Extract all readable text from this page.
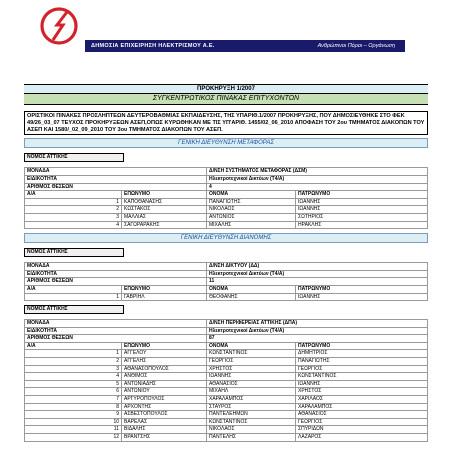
ΔΗΜΟΣΙΑ ΕΠΙΧΕΙΡΗΣΗ ΗΛΕΚΤΡΙΣΜΟΥ Α.Ε.	Ανθρώπινοι Πόροι – Οργάνωση
ΠΡΟΚΗΡΥΞΗ 1/2007
ΣΥΓΚΕΝΤΡΩΤΙΚΟΣ ΠΙΝΑΚΑΣ ΕΠΙΤΥΧΟΝΤΩΝ
ΟΡΙΣΤΙΚΟΙ ΠΙΝΑΚΕΣ ΠΡΟΣΛΗΠΤΕΩΝ ΔΕΥΤΕΡΟΒΑΘΜΙΑΣ ΕΚΠΑΙΔΕΥΣΗΣ, ΤΗΣ ΥΠΑΡΙΘ.1/2007 ΠΡΟΚΗΡΥΞΗΣ, ΠΟΥ ΔΗΜΟΣΙΕΥΘΗΚΕ ΣΤΟ ΦΕΚ 49/26_03_07 ΤΕΥΧΟΣ ΠΡΟΚΗΡΥΞΕΩΝ ΑΣΕΠ,ΟΠΩΣ ΚΥΡΩΘΗΚΑΝ ΜΕ ΤΙΣ ΥΠ'ΑΡΙΘ. 1455/02_06_2010 ΑΠΟΦΑΣΗ ΤΟΥ 2ου ΤΜΗΜΑΤΟΣ ΔΙΑΚΟΠΩΝ ΤΟΥ ΑΣΕΠ ΚΑΙ 1580/_02_09_2010 ΤΟΥ 3ου ΤΜΗΜΑΤΟΣ ΔΙΑΚΟΠΩΝ ΤΟΥ ΑΣΕΠ.
ΓΕΝΙΚΗ ΔΙΕΥΘΥΝΣΗ ΜΕΤΑΦΟΡΑΣ
ΝΟΜΟΣ ΑΤΤΙΚΗΣ
ΜΟΝΑΔΑ		Δ/ΝΣΗ ΣΥΣΤΗΜΑΤΟΣ ΜΕΤΑΦΟΡΑΣ (ΔΣΜ)	
ΕΙΔΙΚΟΤΗΤΑ		Ηλεκτροτεχνικοί Δικτύων (Τ4/Α)	
ΑΡΙΘΜΟΣ ΘΕΣΕΩΝ		4	
Α/Α	ΕΠΩΝΥΜΟ	ΟΝΟΜΑ	ΠΑΤΡΩΝΥΜΟ
1	ΚΑΠΟΘΑΝΑΣΗΣ	ΠΑΝΑΓΙΩΤΗΣ	ΙΩΑΝΝΗΣ
2	ΚΩΣΤΑΚΟΣ	ΝΙΚΟΛΑΟΣ	ΙΩΑΝΝΗΣ
3	ΜΑΛΛΙΑΣ	ΑΝΤΩΝΙΟΣ	ΣΩΤΗΡΙΟΣ
4	ΣΑΓΩΡΑΡΑΚΗΣ	ΜΙΧΑΛΗΣ	ΗΡΑΚΛΗΣ
ΓΕΝΙΚΗ ΔΙΕΥΘΥΝΣΗ ΔΙΑΝΟΜΗΣ
ΝΟΜΟΣ ΑΤΤΙΚΗΣ
ΜΟΝΑΔΑ		Δ/ΝΣΗ ΔΙΚΤΥΟΥ (ΔΔ)	
ΕΙΔΙΚΟΤΗΤΑ		Ηλεκτροτεχνικοί Δικτύων (Τ4/Α)	
ΑΡΙΘΜΟΣ ΘΕΣΕΩΝ		11	
Α/Α	ΕΠΩΝΥΜΟ	ΟΝΟΜΑ	ΠΑΤΡΩΝΥΜΟ
1	ΓΑΒΡΙΗΛ	ΘΕΟΦΑΝΗΣ	ΙΩΑΝΝΗΣ
ΝΟΜΟΣ ΑΤΤΙΚΗΣ
ΜΟΝΑΔΑ		Δ/ΝΣΗ ΠΕΡΙΦΕΡΕΙΑΣ ΑΤΤΙΚΗΣ (ΔΠΑ)	
ΕΙΔΙΚΟΤΗΤΑ		Ηλεκτροτεχνικοί Δικτύων (Τ4/Α)	
ΑΡΙΘΜΟΣ ΘΕΣΕΩΝ		87	
Α/Α	ΕΠΩΝΥΜΟ	ΟΝΟΜΑ	ΠΑΤΡΩΝΥΜΟ
1	ΑΓΓΕΛΟΥ	ΚΩΝΣΤΑΝΤΙΝΟΣ	ΔΗΜΗΤΡΙΟΣ
2	ΑΓΓΕΛΗΣ	ΓΕΩΡΓΙΟΣ	ΠΑΝΑΓΙΩΤΗΣ
3	ΑΘΑΝΑΣΟΠΟΥΛΟΣ	ΧΡΗΣΤΟΣ	ΓΕΩΡΓΙΟΣ
4	ΑΝΘΙΜΟΣ	ΙΩΑΝΝΗΣ	ΚΩΝΣΤΑΝΤΙΝΟΣ
5	ΑΝΤΩΝΙΑΔΗΣ	ΑΘΑΝΑΣΙΟΣ	ΙΩΑΝΝΗΣ
6	ΑΝΤΩΝΙΟΥ	ΜΙΧΑΗΛ	ΧΡΗΣΤΟΣ
7	ΑΡΓΥΡΟΠΟΥΛΟΣ	ΧΑΡΑΛΑΜΠΟΣ	ΧΑΡΙΛΑΟΣ
8	ΑΡΧΟΝΤΗΣ	ΣΤΑΥΡΟΣ	ΧΑΡΑΛΑΜΠΟΣ
9	ΑΣΒΕΣΤΟΠΟΥΛΟΣ	ΠΑΝΤΕΛΕΗΜΩΝ	ΑΘΑΝΑΣΙΟΣ
10	ΒΑΡΕΛΑΣ	ΚΩΝΣΤΑΝΤΙΝΟΣ	ΓΕΩΡΓΙΟΣ
11	ΒΙΔΑΛΗΣ	ΝΙΚΟΛΑΟΣ	ΣΠΥΡΙΔΩΝ
12	ΒΡΑΝΤΣΗΣ	ΠΑΝΤΕΛΗΣ	ΛΑΖΑΡΟΣ
